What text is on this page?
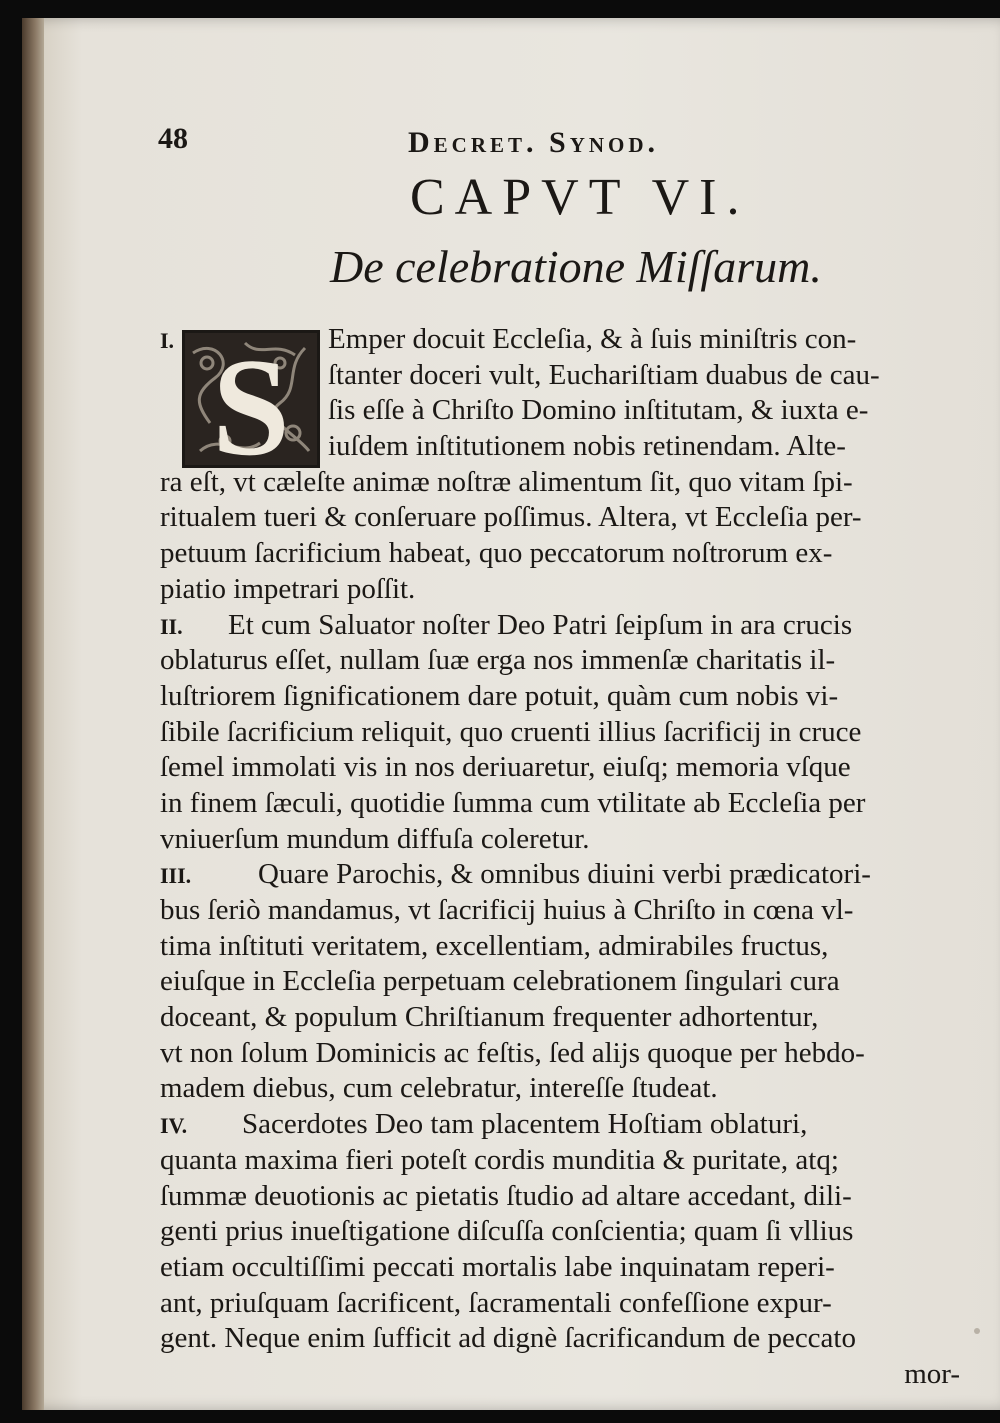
48	Decret. Synod.
CAPVT VI.
De celebratione Miſſarum.
S
I.	Emper docuit Eccleſia, & à ſuis miniſtris con-
ſtanter doceri vult, Euchariſtiam duabus de cau-
ſis eſſe à Chriſto Domino inſtitutam, & iuxta e-
iuſdem inſtitutionem nobis retinendam. Alte-
ra eſt, vt cæleſte animæ noſtræ alimentum ſit, quo vitam ſpi-
ritualem tueri & conſeruare poſſimus. Altera, vt Eccleſia per-
petuum ſacrificium habeat, quo peccatorum noſtrorum ex-
piatio impetrari poſſit.
II. Et cum Saluator noſter Deo Patri ſeipſum in ara crucis
oblaturus eſſet, nullam ſuæ erga nos immenſæ charitatis il-
luſtriorem ſignificationem dare potuit, quàm cum nobis vi-
ſibile ſacrificium reliquit, quo cruenti illius ſacrificij in cruce
ſemel immolati vis in nos deriuaretur, eiuſq; memoria vſque
in finem ſæculi, quotidie ſumma cum vtilitate ab Eccleſia per
vniuerſum mundum diffuſa coleretur.
III. Quare Parochis, & omnibus diuini verbi prædicatori-
bus ſeriò mandamus, vt ſacrificij huius à Chriſto in cœna vl-
tima inſtituti veritatem, excellentiam, admirabiles fructus,
eiuſque in Eccleſia perpetuam celebrationem ſingulari cura
doceant, & populum Chriſtianum frequenter adhortentur,
vt non ſolum Dominicis ac feſtis, ſed alijs quoque per hebdo-
madem diebus, cum celebratur, intereſſe ſtudeat.
IV. Sacerdotes Deo tam placentem Hoſtiam oblaturi,
quanta maxima fieri poteſt cordis munditia & puritate, atq;
ſummæ deuotionis ac pietatis ſtudio ad altare accedant, dili-
genti prius inueſtigatione diſcuſſa conſcientia; quam ſi vllius
etiam occultiſſimi peccati mortalis labe inquinatam reperi-
ant, priuſquam ſacrificent, ſacramentali confeſſione expur-
gent. Neque enim ſufficit ad dignè ſacrificandum de peccato
mor-
